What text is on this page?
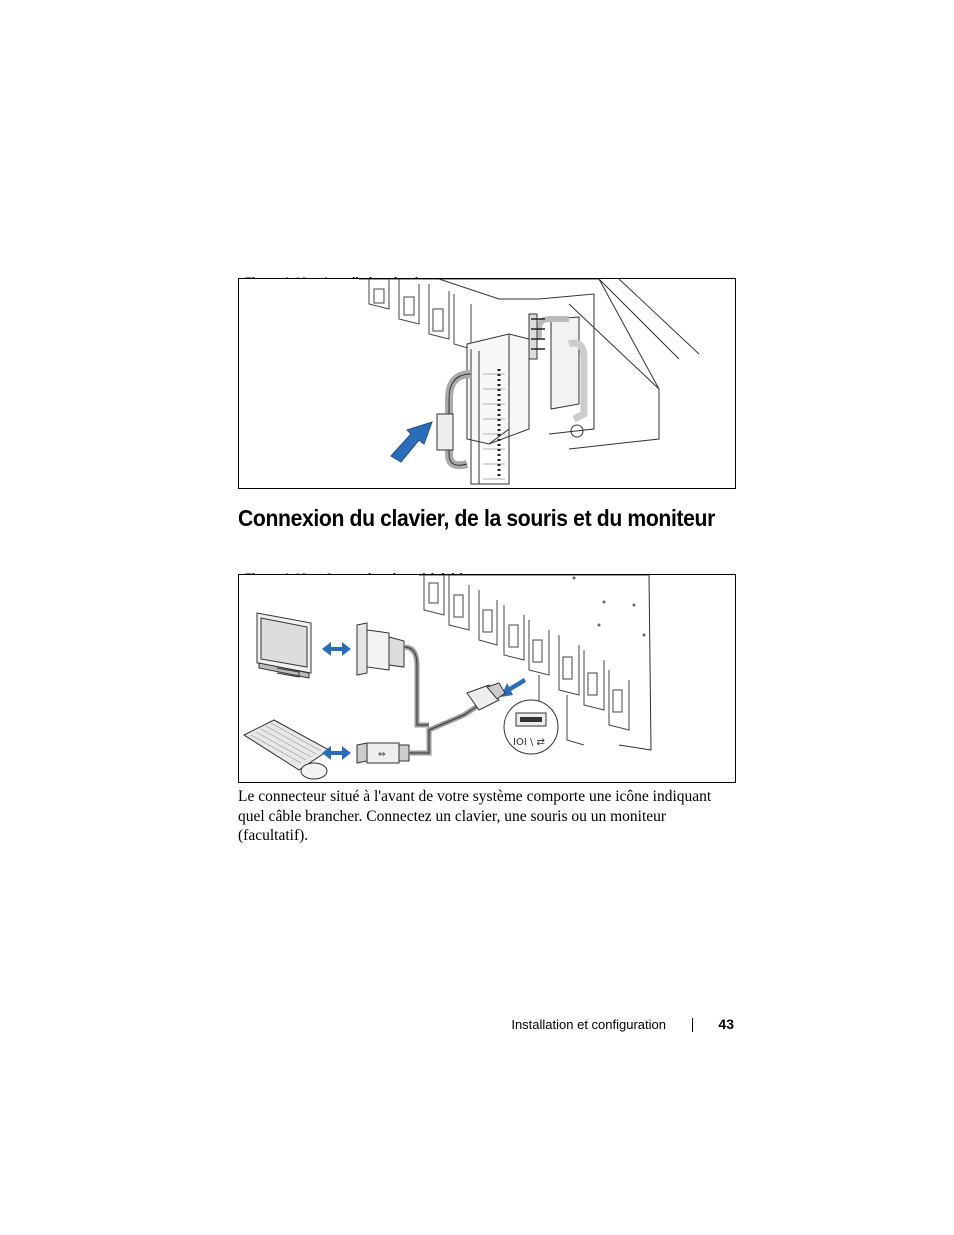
Connexion du clavier, de la souris et du moniteur

⇔
IOI \ ⇄

Le connecteur situé à l'avant de votre système comporte une icône indiquant quel câble brancher. Connectez un clavier, une souris ou un moniteur (facultatif).

Installation et configuration	43
